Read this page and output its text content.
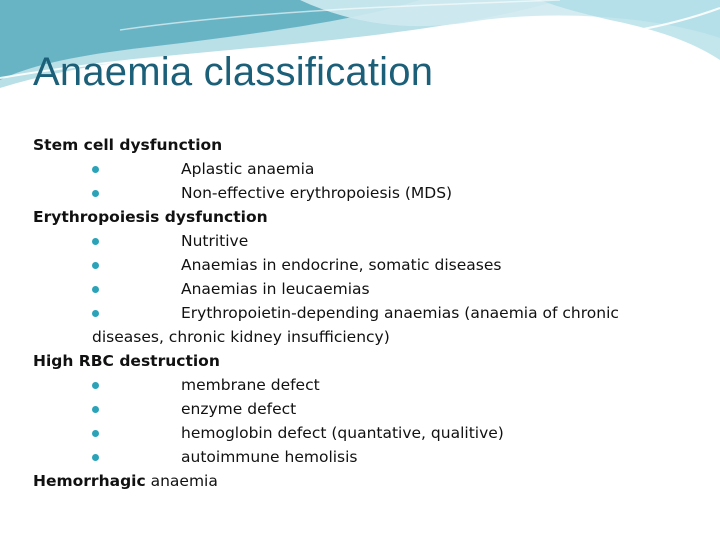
Anaemia classification
Stem cell dysfunction
Aplastic anaemia
Non-effective erythropoiesis (MDS)
Erythropoiesis dysfunction
Nutritive
Anaemias in endocrine, somatic diseases
Anaemias in leucaemias
Erythropoietin-depending anaemias (anaemia of chronic
diseases, chronic kidney insufficiency)
High RBC destruction
membrane defect
enzyme defect
hemoglobin defect (quantative, qualitive)
autoimmune hemolisis
Hemorrhagic anaemia
